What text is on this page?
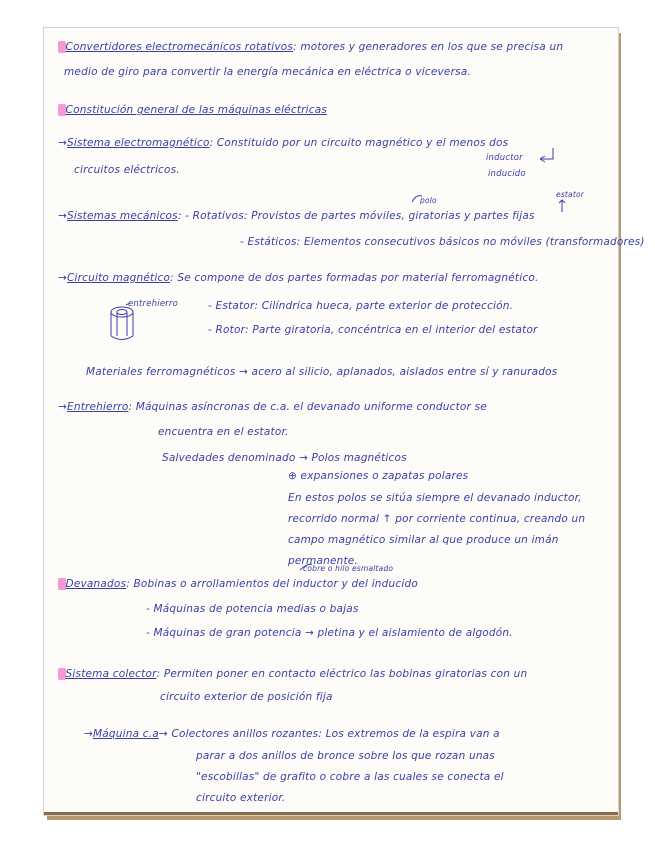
Convertidores electromecánicos rotativos: motores y generadores en los que se precisa un
medio de giro para convertir la energía mecánica en eléctrica o viceversa.
Constitución general de las máquinas eléctricas
→Sistema electromagnético: Constituido por un circuito magnético y el menos dos
inductor
circuitos eléctricos.	inducido
polo
estator
→Sistemas mecánicos: - Rotativos: Provistos de partes móviles, giratorias y partes fijas
- Estáticos: Elementos consecutivos básicos no móviles (transformadores)
→Circuito magnético: Se compone de dos partes formadas por material ferromagnético.
entrehierro	- Estator: Cilíndrica hueca, parte exterior de protección.
- Rotor: Parte giratoria, concéntrica en el interior del estator
Materiales ferromagnéticos → acero al silicio, aplanados, aislados entre sí y ranurados
→Entrehierro: Máquinas asíncronas de c.a. el devanado uniforme conductor se
encuentra en el estator.
Salvedades denominado → Polos magnéticos
⊕ expansiones o zapatas polares
En estos polos se sitúa siempre el devanado inductor,
recorrido normal ↑ por corriente continua, creando un
campo magnético similar al que produce un imán
permanente.
cobre o hilo esmaltado
Devanados: Bobinas o arrollamientos del inductor y del inducido
- Máquinas de potencia medias o bajas
- Máquinas de gran potencia → pletina y el aislamiento de algodón.
Sistema colector: Permiten poner en contacto eléctrico las bobinas giratorias con un
circuito exterior de posición fija
→Máquina c.a→ Colectores anillos rozantes: Los extremos de la espira van a
parar a dos anillos de bronce sobre los que rozan unas
"escobillas" de grafito o cobre a las cuales se conecta el
circuito exterior.
